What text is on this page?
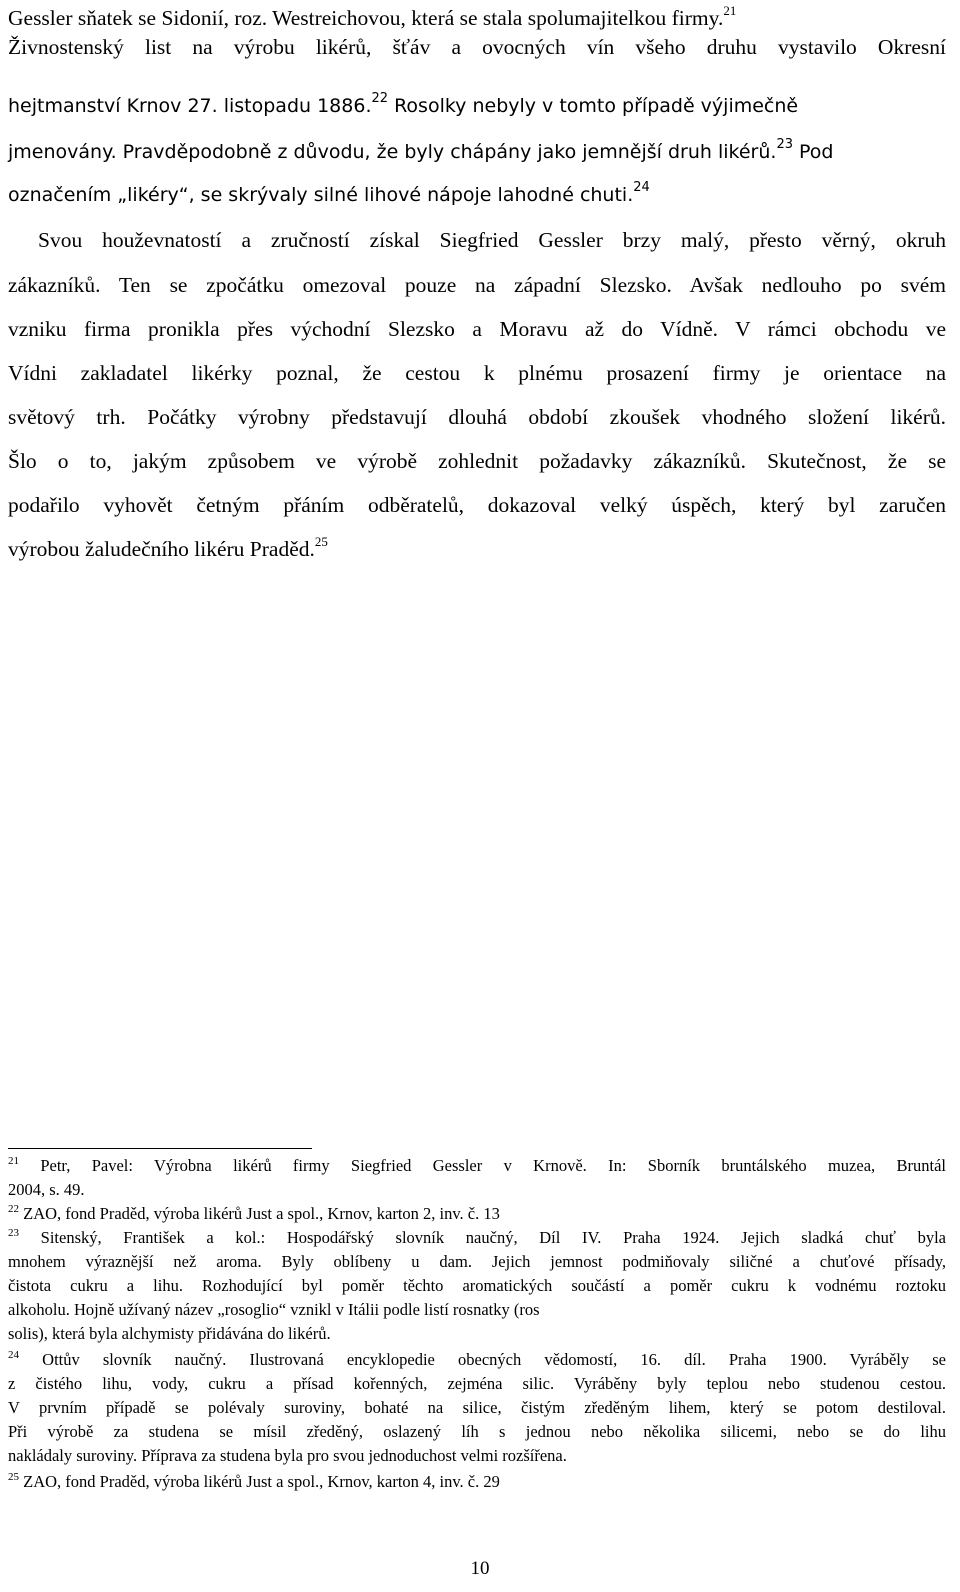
Gessler sňatek se Sidonií, roz. Westreichovou, která se stala spolumajitelkou firmy.$^{21}$
Živnostenský list na výrobu likérů, šťáv a ovocných vín všeho druhu vystavilo Okresní
hejtmanství Krnov 27. listopadu 1886.22 Rosolky nebyly v tomto případě výjimečně
jmenovány. Pravděpodobně z důvodu, že byly chápány jako jemnější druh likérů.$^{23}$ Pod
označením „likéry“, se skrývaly silné lihové nápoje lahodné chuti.$^{24}$
Svou houževnatostí a zručností získal Siegfried Gessler brzy malý, přesto věrný, okruh
zákazníků. Ten se zpočátku omezoval pouze na západní Slezsko. Avšak nedlouho po svém
vzniku firma pronikla přes východní Slezsko a Moravu až do Vídně. V rámci obchodu ve
Vídni zakladatel likérky poznal, že cestou k plnému prosazení firmy je orientace na
světový trh. Počátky výrobny představují dlouhá období zkoušek vhodného složení likérů.
Šlo o to, jakým způsobem ve výrobě zohlednit požadavky zákazníků. Skutečnost, že se
podařilo vyhovět četným přáním odběratelů, dokazoval velký úspěch, který byl zaručen
výrobou žaludečního likéru Praděd.$^{25}$
$^{21}$ Petr, Pavel: Výrobna likérů firmy Siegfried Gessler v Krnově. In: Sborník bruntálského muzea, Bruntál
2004, s. 49.
$^{22}$ ZAO, fond Praděd, výroba likérů Just a spol., Krnov, karton 2, inv. č. 13
$^{23}$ Sitenský, František a kol.: Hospodářský slovník naučný, Díl IV. Praha 1924. Jejich sladká chuť byla
mnohem výraznější než aroma. Byly oblíbeny u dam. Jejich jemnost podmiňovaly siličné a chuťové přísady,
čistota cukru a lihu. Rozhodující byl poměr těchto aromatických součástí a poměr cukru k vodnému roztoku
alkoholu. Hojně užívaný název „rosoglio“ vznikl v Itálii podle listí rosnatky (ros
solis), která byla alchymisty přidávána do likérů.
$^{24}$ Ottův slovník naučný. Ilustrovaná encyklopedie obecných vědomostí, 16. díl. Praha 1900. Vyráběly se
z čistého lihu, vody, cukru a přísad kořenných, zejména silic. Vyráběny byly teplou nebo studenou cestou.
V prvním případě se polévaly suroviny, bohaté na silice, čistým zředěným lihem, který se potom destiloval.
Při výrobě za studena se mísil zředěný, oslazený líh s jednou nebo několika silicemi, nebo se do lihu
nakládaly suroviny. Příprava za studena byla pro svou jednoduchost velmi rozšířena.
$^{25}$ ZAO, fond Praděd, výroba likérů Just a spol., Krnov, karton 4, inv. č. 29
10
